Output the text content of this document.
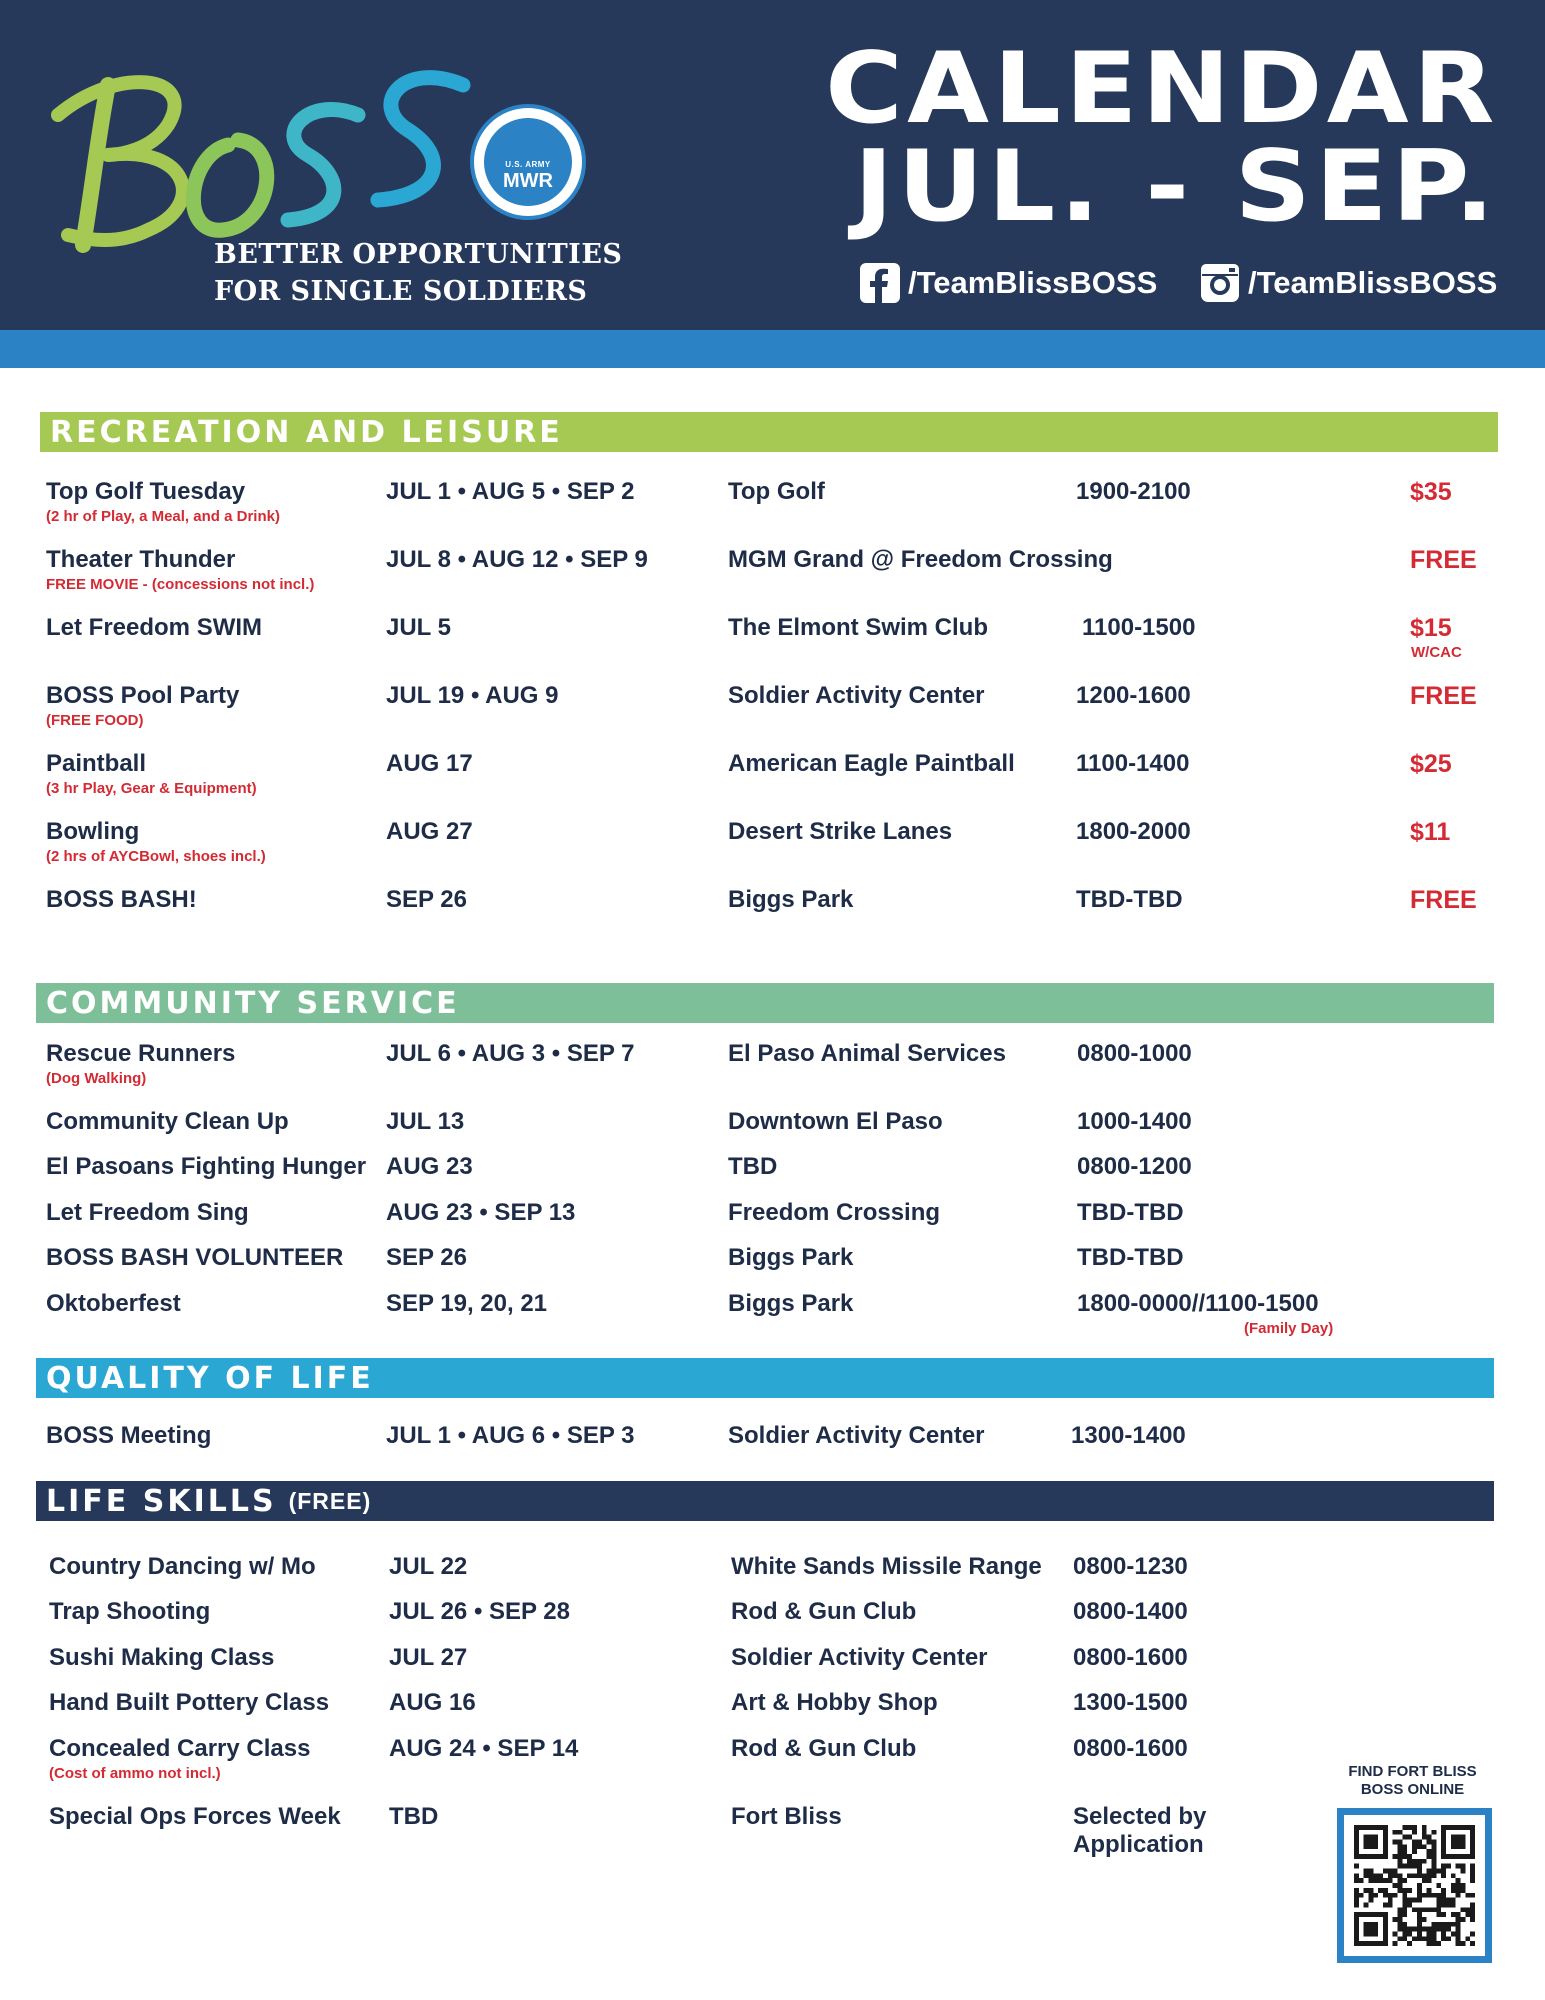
BOSS
U.S. ARMY
MWR
BETTER OPPORTUNITIES
FOR SINGLE SOLDIERS
CALENDAR
JUL. - SEP.
/TeamBlissBOSS	/TeamBlissBOSS
RECREATION AND LEISURE
Top Golf Tuesday
(2 hr of Play, a Meal, and a Drink)
JUL 1 • AUG 5 • SEP 2	Top Golf	1900-2100	$35
Theater Thunder
FREE MOVIE - (concessions not incl.)
JUL 8 • AUG 12 • SEP 9	MGM Grand @ Freedom Crossing	FREE
Let Freedom SWIM	JUL 5	The Elmont Swim Club	1100-1500	$15
W/CAC
BOSS Pool Party
(FREE FOOD)
JUL 19 • AUG 9	Soldier Activity Center	1200-1600	FREE
Paintball
(3 hr Play, Gear & Equipment)
AUG 17	American Eagle Paintball	1100-1400	$25
Bowling
(2 hrs of AYCBowl, shoes incl.)
AUG 27	Desert Strike Lanes	1800-2000	$11
BOSS BASH!	SEP 26	Biggs Park	TBD-TBD	FREE
COMMUNITY SERVICE
Rescue Runners
(Dog Walking)
JUL 6 • AUG 3 • SEP 7	El Paso Animal Services	0800-1000
Community Clean Up	JUL 13	Downtown El Paso	1000-1400
El Pasoans Fighting Hunger AUG 23	TBD	0800-1200
Let Freedom Sing	AUG 23 • SEP 13	Freedom Crossing	TBD-TBD
BOSS BASH VOLUNTEER SEP 26	Biggs Park	TBD-TBD
Oktoberfest	SEP 19, 20, 21	Biggs Park	1800-0000//1100-1500
(Family Day)
QUALITY OF LIFE
BOSS Meeting	JUL 1 • AUG 6 • SEP 3	Soldier Activity Center	1300-1400
LIFE SKILLS (FREE)
Country Dancing w/ Mo	JUL 22	White Sands Missile Range 0800-1230
Trap Shooting	JUL 26 • SEP 28	Rod & Gun Club	0800-1400
Sushi Making Class	JUL 27	Soldier Activity Center	0800-1600
Hand Built Pottery Class AUG 16	Art & Hobby Shop	1300-1500
Concealed Carry Class
(Cost of ammo not incl.)
AUG 24 • SEP 14	Rod & Gun Club	0800-1600
Special Ops Forces Week TBD	Fort Bliss	Selected by
Application
FIND FORT BLISS
BOSS ONLINE
